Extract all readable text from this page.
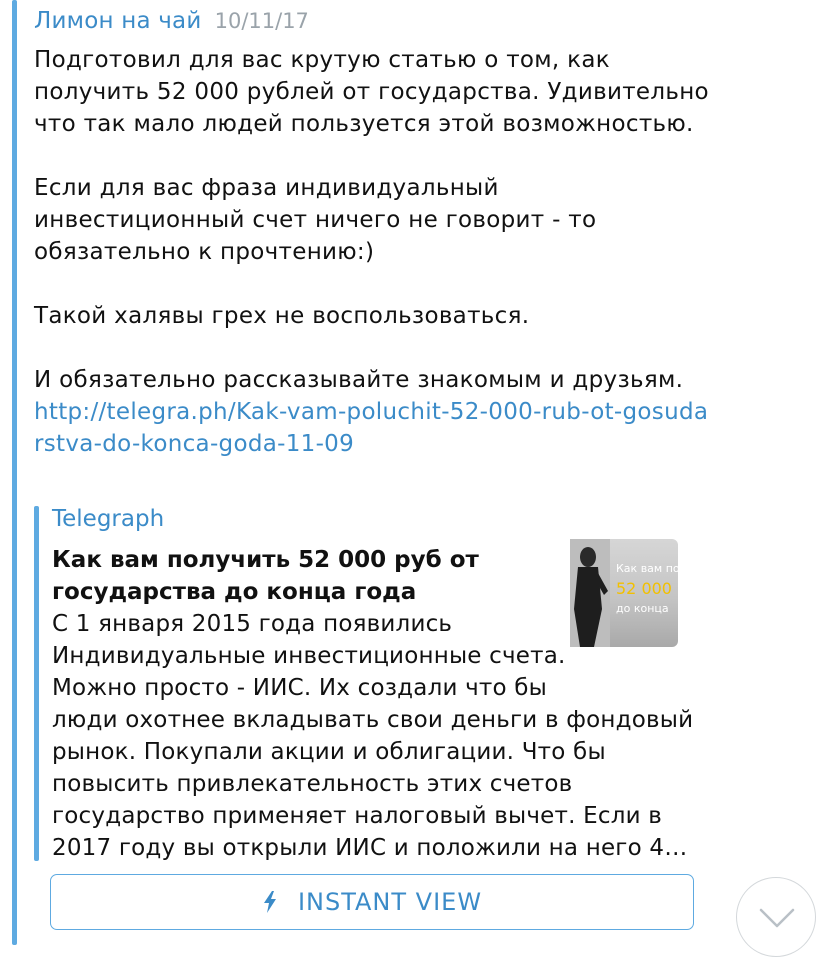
Лимон на чай 10/11/17

Подготовил для вас крутую статью о том, как получить 52 000 рублей от государства. Удивительно что так мало людей пользуется этой возможностью.

Если для вас фраза индивидуальный инвестиционный счет ничего не говорит - то обязательно к прочтению:)

Такой халявы грех не воспользоваться.

И обязательно рассказывайте знакомым и друзьям.

http://telegra.ph/Kak-vam-poluchit-52-000-rub-ot-gosudarstva-do-konca-goda-11-09
Telegraph
Как вам получить 52 000 руб от государства до конца года
С 1 января 2015 года появились Индивидуальные инвестиционные счета. Можно просто - ИИС. Их создали что бы люди охотнее вкладывать свои деньги в фондовый рынок. Покупали акции и облигации. Что бы повысить привлекательность этих счетов государство применяет налоговый вычет. Если в 2017 году вы открыли ИИС и положили на него 4…
Как вам пол
52 000
до конца
INSTANT VIEW
